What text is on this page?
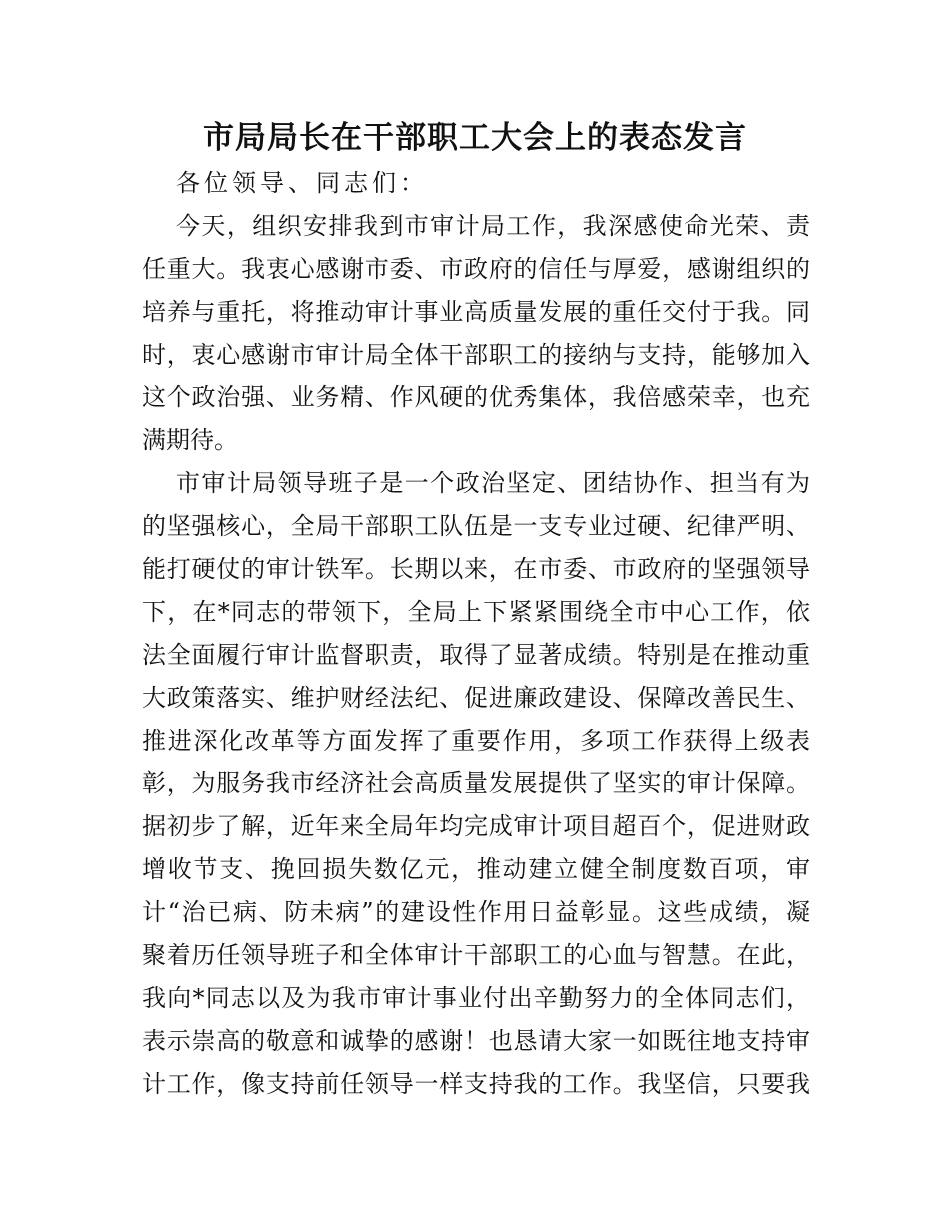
市局局长在干部职工大会上的表态发言
各位领导、同志们：
今天，组织安排我到市审计局工作，我深感使命光荣、责
任重大。我衷心感谢市委、市政府的信任与厚爱，感谢组织的
培养与重托，将推动审计事业高质量发展的重任交付于我。同
时，衷心感谢市审计局全体干部职工的接纳与支持，能够加入
这个政治强、业务精、作风硬的优秀集体，我倍感荣幸，也充
满期待。
市审计局领导班子是一个政治坚定、团结协作、担当有为
的坚强核心，全局干部职工队伍是一支专业过硬、纪律严明、
能打硬仗的审计铁军。长期以来，在市委、市政府的坚强领导
下，在*同志的带领下，全局上下紧紧围绕全市中心工作，依
法全面履行审计监督职责，取得了显著成绩。特别是在推动重
大政策落实、维护财经法纪、促进廉政建设、保障改善民生、
推进深化改革等方面发挥了重要作用，多项工作获得上级表
彰，为服务我市经济社会高质量发展提供了坚实的审计保障。
据初步了解，近年来全局年均完成审计项目超百个，促进财政
增收节支、挽回损失数亿元，推动建立健全制度数百项，审
计“治已病、防未病”的建设性作用日益彰显。这些成绩，凝
聚着历任领导班子和全体审计干部职工的心血与智慧。在此，
我向*同志以及为我市审计事业付出辛勤努力的全体同志们，
表示崇高的敬意和诚挚的感谢！也恳请大家一如既往地支持审
计工作，像支持前任领导一样支持我的工作。我坚信，只要我
